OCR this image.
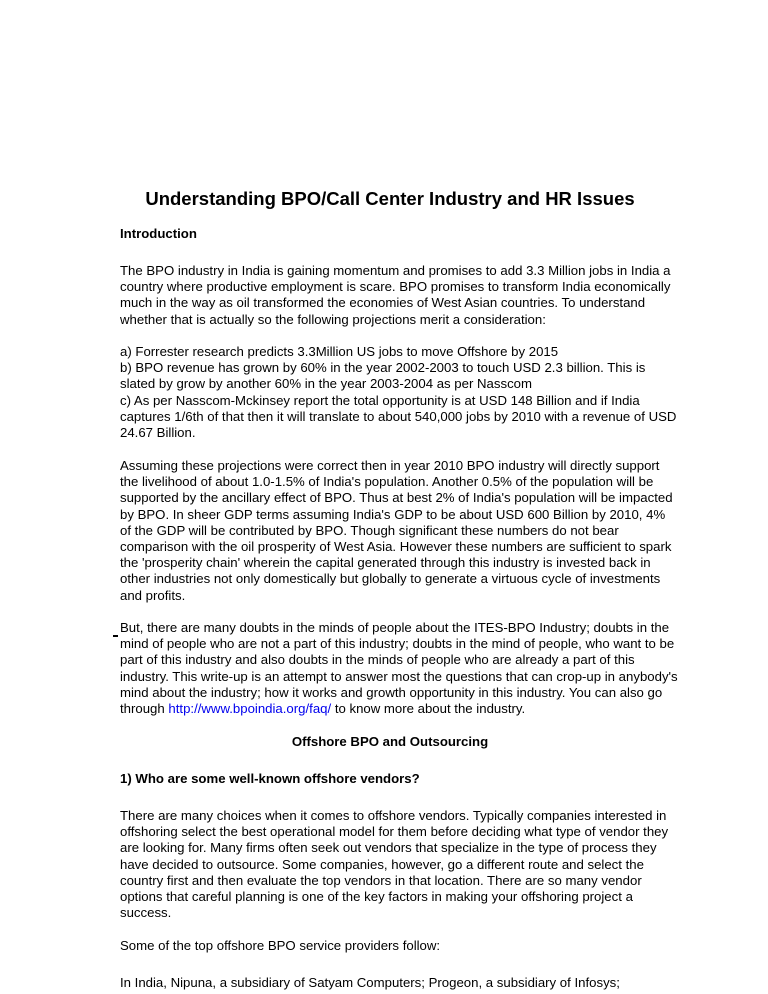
Understanding BPO/Call Center Industry and HR Issues
Introduction
The BPO industry in India is gaining momentum and promises to add 3.3 Million jobs in India a
country where productive employment is scare. BPO promises to transform India economically
much in the way as oil transformed the economies of West Asian countries. To understand
whether that is actually so the following projections merit a consideration:
a) Forrester research predicts 3.3Million US jobs to move Offshore by 2015
b) BPO revenue has grown by 60% in the year 2002-2003 to touch USD 2.3 billion. This is
slated by grow by another 60% in the year 2003-2004 as per Nasscom
c) As per Nasscom-Mckinsey report the total opportunity is at USD 148 Billion and if India
captures 1/6th of that then it will translate to about 540,000 jobs by 2010 with a revenue of USD
24.67 Billion.
Assuming these projections were correct then in year 2010 BPO industry will directly support
the livelihood of about 1.0-1.5% of India's population. Another 0.5% of the population will be
supported by the ancillary effect of BPO. Thus at best 2% of India's population will be impacted
by BPO. In sheer GDP terms assuming India's GDP to be about USD 600 Billion by 2010, 4%
of the GDP will be contributed by BPO. Though significant these numbers do not bear
comparison with the oil prosperity of West Asia. However these numbers are sufficient to spark
the 'prosperity chain' wherein the capital generated through this industry is invested back in
other industries not only domestically but globally to generate a virtuous cycle of investments
and profits.
But, there are many doubts in the minds of people about the ITES-BPO Industry; doubts in the
mind of people who are not a part of this industry; doubts in the mind of people, who want to be
part of this industry and also doubts in the minds of people who are already a part of this
industry. This write-up is an attempt to answer most the questions that can crop-up in anybody's
mind about the industry; how it works and growth opportunity in this industry. You can also go
through http://www.bpoindia.org/faq/ to know more about the industry.
Offshore BPO and Outsourcing
1) Who are some well-known offshore vendors?
There are many choices when it comes to offshore vendors. Typically companies interested in
offshoring select the best operational model for them before deciding what type of vendor they
are looking for. Many firms often seek out vendors that specialize in the type of process they
have decided to outsource. Some companies, however, go a different route and select the
country first and then evaluate the top vendors in that location. There are so many vendor
options that careful planning is one of the key factors in making your offshoring project a
success.
Some of the top offshore BPO service providers follow:
In India, Nipuna, a subsidiary of Satyam Computers; Progeon, a subsidiary of Infosys;
